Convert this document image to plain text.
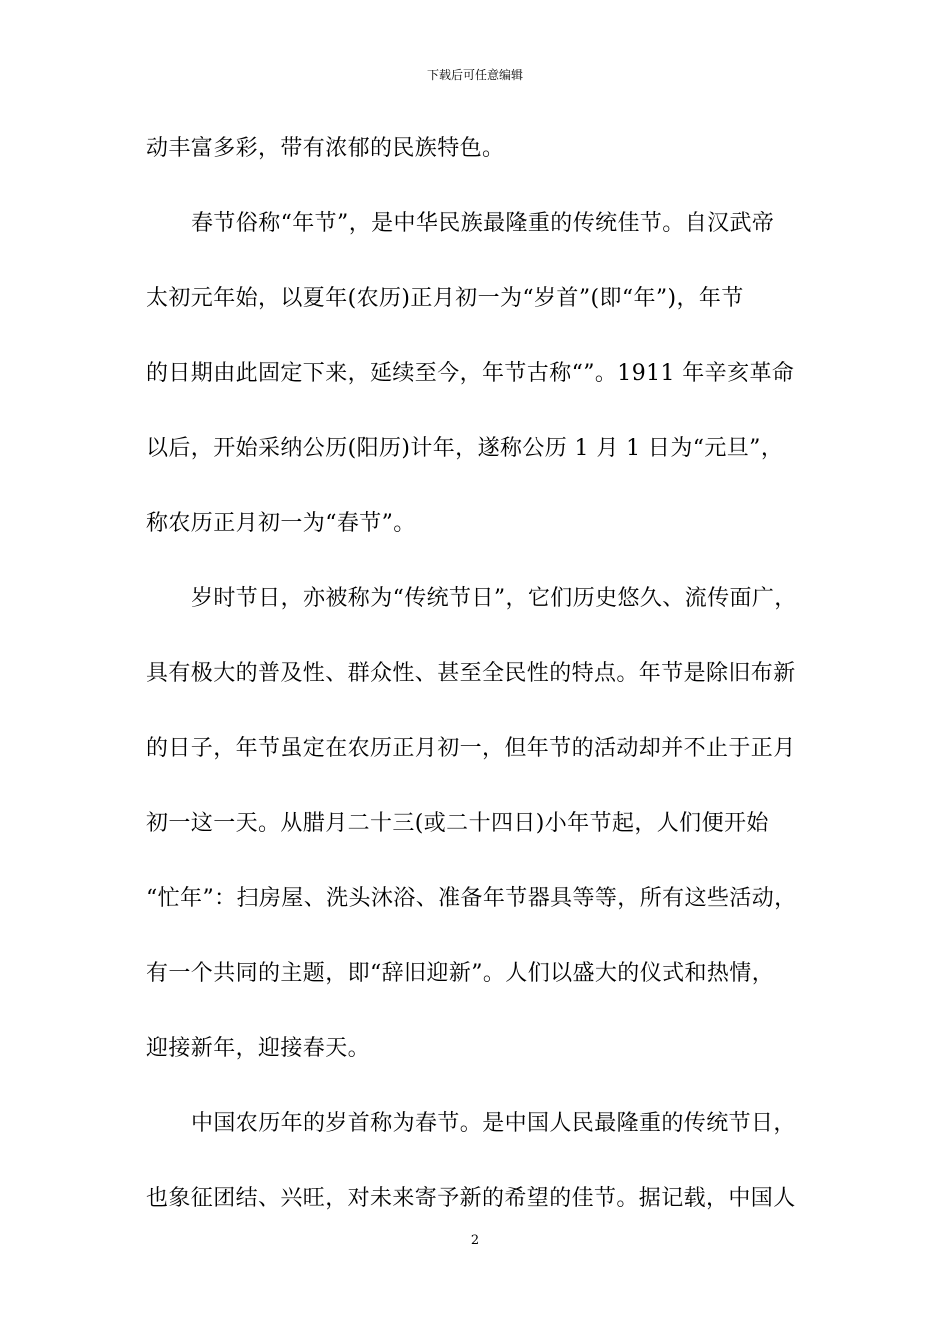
下载后可任意编辑
动丰富多彩，带有浓郁的民族特色。
春节俗称“年节”，是中华民族最隆重的传统佳节。自汉武帝
太初元年始，以夏年(农历)正月初一为“岁首”(即“年”)，年节
的日期由此固定下来，延续至今，年节古称“”。1911 年辛亥革命
以后，开始采纳公历(阳历)计年，遂称公历 1 月 1 日为“元旦”，
称农历正月初一为“春节”。
岁时节日，亦被称为“传统节日”，它们历史悠久、流传面广，
具有极大的普及性、群众性、甚至全民性的特点。年节是除旧布新
的日子，年节虽定在农历正月初一，但年节的活动却并不止于正月
初一这一天。从腊月二十三(或二十四日)小年节起，人们便开始
“忙年”：扫房屋、洗头沐浴、准备年节器具等等，所有这些活动，
有一个共同的主题，即“辞旧迎新”。人们以盛大的仪式和热情，
迎接新年，迎接春天。
中国农历年的岁首称为春节。是中国人民最隆重的传统节日，
也象征团结、兴旺，对未来寄予新的希望的佳节。据记载，中国人
2
